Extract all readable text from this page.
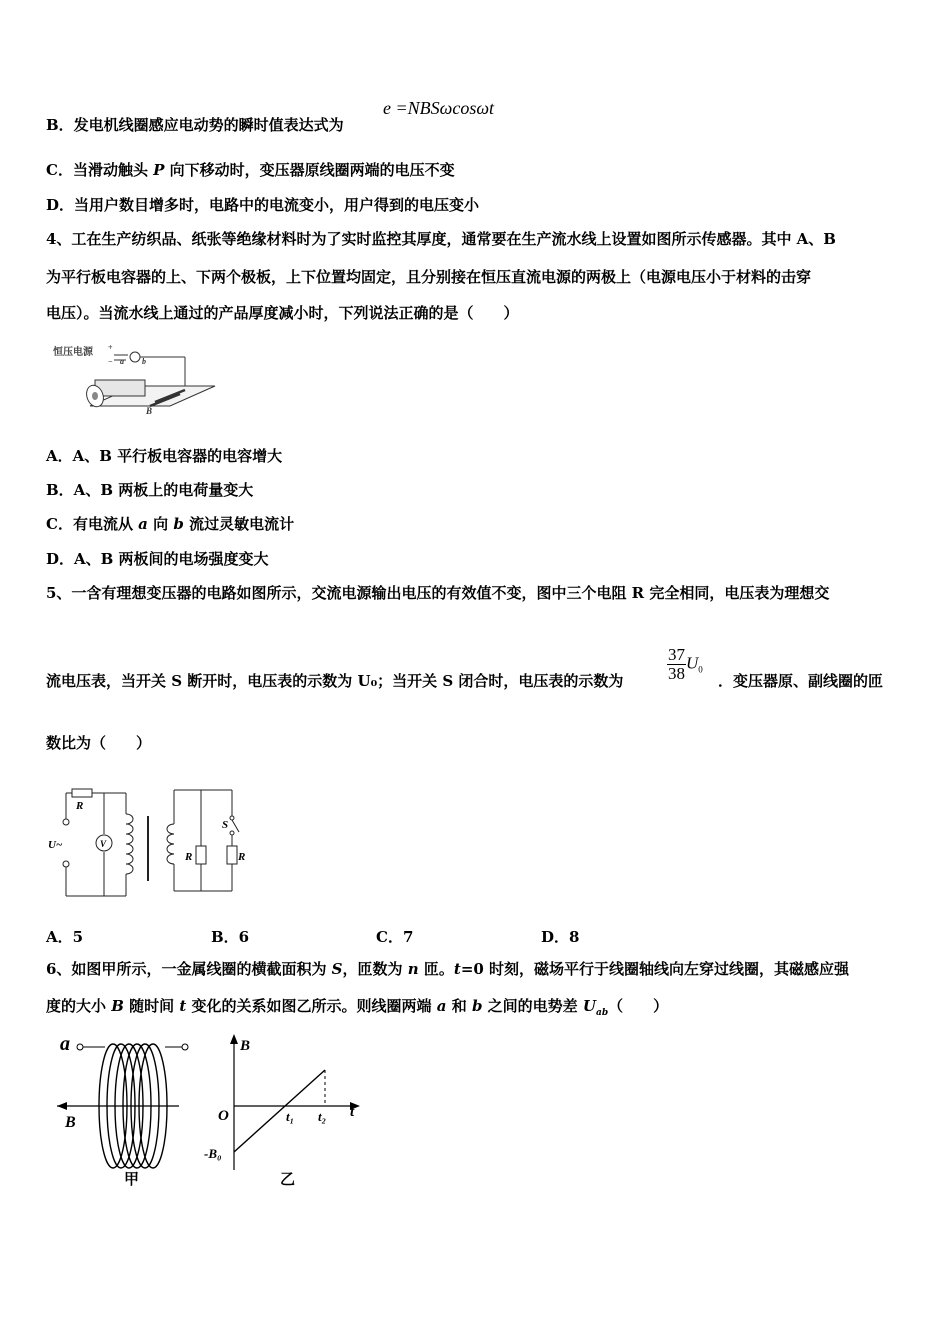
B．发电机线圈感应电动势的瞬时值表达式为
e =NBSωcosωt
C．当滑动触头 P 向下移动时，变压器原线圈两端的电压不变
D．当用户数目增多时，电路中的电流变小，用户得到的电压变小
4、工在生产纺织品、纸张等绝缘材料时为了实时监控其厚度，通常要在生产流水线上设置如图所示传感器。其中 A、B
为平行板电容器的上、下两个极板，上下位置均固定，且分别接在恒压直流电源的两极上（电源电压小于材料的击穿
电压）。当流水线上通过的产品厚度减小时，下列说法正确的是（　　）
恒压电源 +
− a b
B
A．A、B 平行板电容器的电容增大
B．A、B 两板上的电荷量变大
C．有电流从 a 向 b 流过灵敏电流计
D．A、B 两板间的电场强度变大
5、一含有理想变压器的电路如图所示，交流电源输出电压的有效值不变，图中三个电阻 R 完全相同，电压表为理想交
流电压表，当开关 S 断开时，电压表的示数为 U₀；当开关 S 闭合时，电压表的示数为	$\frac{37}{38} U_0$
．变压器原、副线圈的匝
数比为（　　）
R
U~	V
R
S
R
A．5	B．6	C．7	D．8
6、如图甲所示，一金属线圈的横截面积为 S，匝数为 n 匝。t=0 时刻，磁场平行于线圈轴线向左穿过线圈，其磁感应强
度的大小 B 随时间 t 变化的关系如图乙所示。则线圈两端 a 和 b 之间的电势差 $U_{ab}$（　　）
a
B
甲
B
O	t₁ t₂ t
-B₀
乙
